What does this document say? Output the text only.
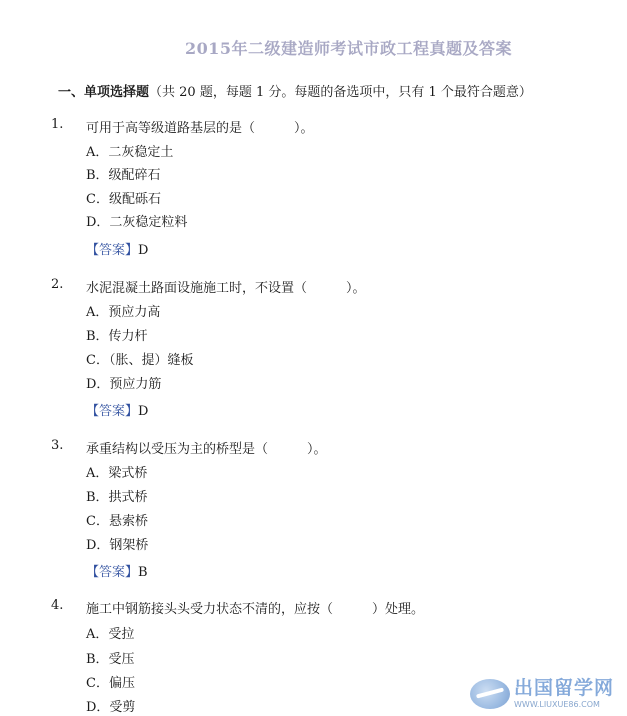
2015年二级建造师考试市政工程真题及答案
一、单项选择题（共 20 题，每题 1 分。每题的备选项中，只有 1 个最符合题意）
1. 可用于高等级道路基层的是（　　　）。
A．二灰稳定土
B．级配碎石
C．级配砾石
D．二灰稳定粒料
【答案】D
2. 水泥混凝土路面设施施工时，不设置（　　　）。
A．预应力高
B．传力杆
C．（胀、提）缝板
D．预应力筋
【答案】D
3. 承重结构以受压为主的桥型是（　　　）。
A．梁式桥
B．拱式桥
C．悬索桥
D．钢架桥
【答案】B
4. 施工中钢筋接头头受力状态不清的，应按（　　　）处理。
A．受拉
B．受压
C．偏压
D．受剪
出国留学网
WWW.LIUXUE86.COM
